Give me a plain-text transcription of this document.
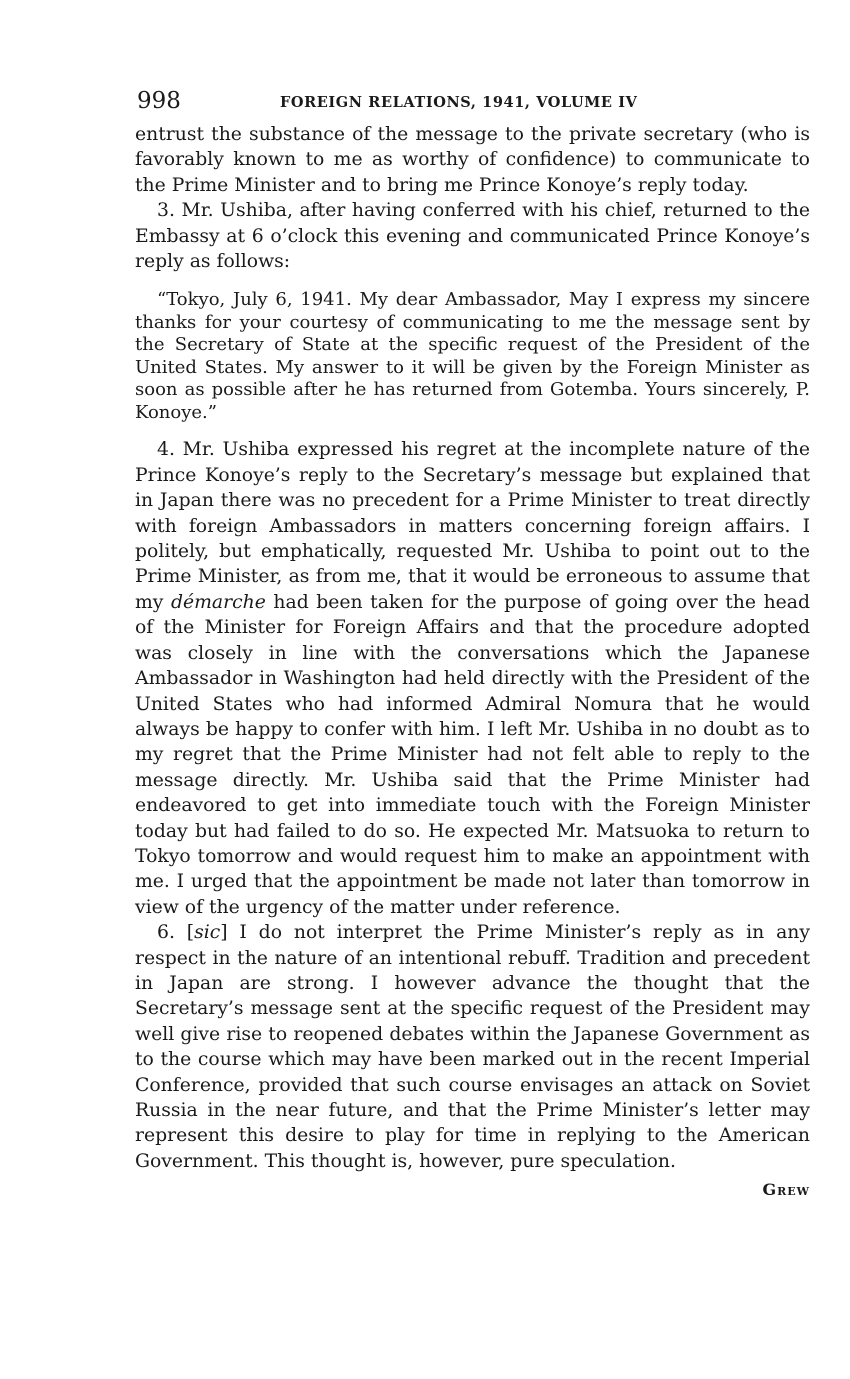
998	FOREIGN RELATIONS, 1941, VOLUME IV

entrust the substance of the message to the private secretary (who is favorably known to me as worthy of confidence) to communicate to the Prime Minister and to bring me Prince Konoye’s reply today.

3. Mr. Ushiba, after having conferred with his chief, returned to the Embassy at 6 o’clock this evening and communicated Prince Konoye’s reply as follows:

“Tokyo, July 6, 1941. My dear Ambassador, May I express my sincere thanks for your courtesy of communicating to me the message sent by the Secretary of State at the specific request of the President of the United States. My answer to it will be given by the Foreign Minister as soon as possible after he has returned from Gotemba. Yours sincerely, P. Konoye.”

4. Mr. Ushiba expressed his regret at the incomplete nature of the Prince Konoye’s reply to the Secretary’s message but explained that in Japan there was no precedent for a Prime Minister to treat directly with foreign Ambassadors in matters concerning foreign affairs. I politely, but emphatically, requested Mr. Ushiba to point out to the Prime Minister, as from me, that it would be erroneous to assume that my démarche had been taken for the purpose of going over the head of the Minister for Foreign Affairs and that the procedure adopted was closely in line with the conversations which the Japanese Ambassador in Washington had held directly with the President of the United States who had informed Admiral Nomura that he would always be happy to confer with him. I left Mr. Ushiba in no doubt as to my regret that the Prime Minister had not felt able to reply to the message directly. Mr. Ushiba said that the Prime Minister had endeavored to get into immediate touch with the Foreign Minister today but had failed to do so. He expected Mr. Matsuoka to return to Tokyo tomorrow and would request him to make an appointment with me. I urged that the appointment be made not later than tomorrow in view of the urgency of the matter under reference.

6. [sic] I do not interpret the Prime Minister’s reply as in any respect in the nature of an intentional rebuff. Tradition and precedent in Japan are strong. I however advance the thought that the Secretary’s message sent at the specific request of the President may well give rise to reopened debates within the Japanese Government as to the course which may have been marked out in the recent Imperial Conference, provided that such course envisages an attack on Soviet Russia in the near future, and that the Prime Minister’s letter may represent this desire to play for time in replying to the American Government. This thought is, however, pure speculation.

Grew
